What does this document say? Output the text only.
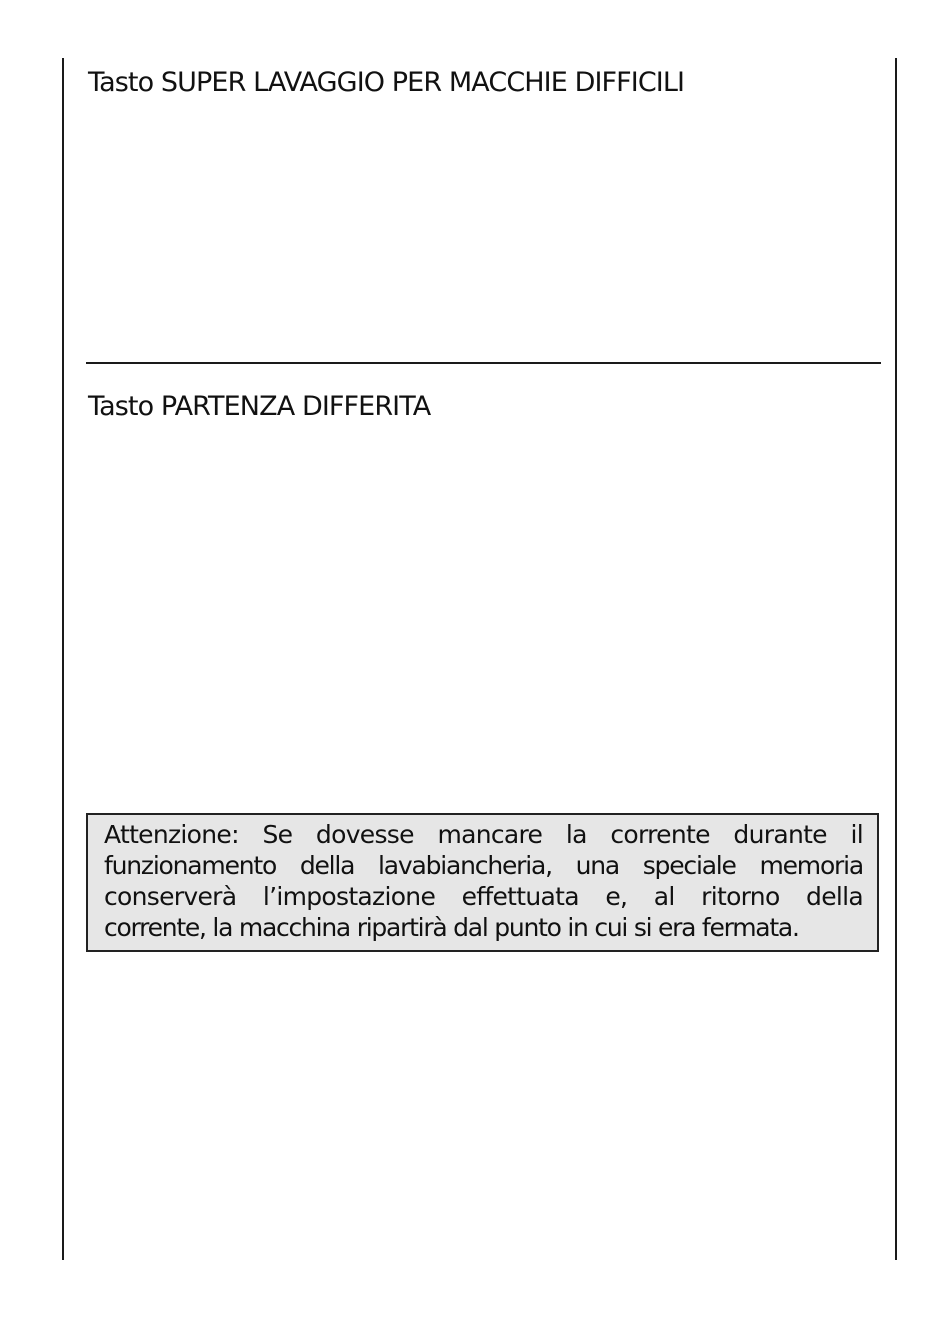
Tasto SUPER LAVAGGIO PER MACCHIE DIFFICILI
Tasto PARTENZA DIFFERITA
Attenzione: Se dovesse mancare la corrente durante il
funzionamento della lavabiancheria, una speciale memoria
conserverà l’impostazione effettuata e, al ritorno della
corrente, la macchina ripartirà dal punto in cui si era fermata.
